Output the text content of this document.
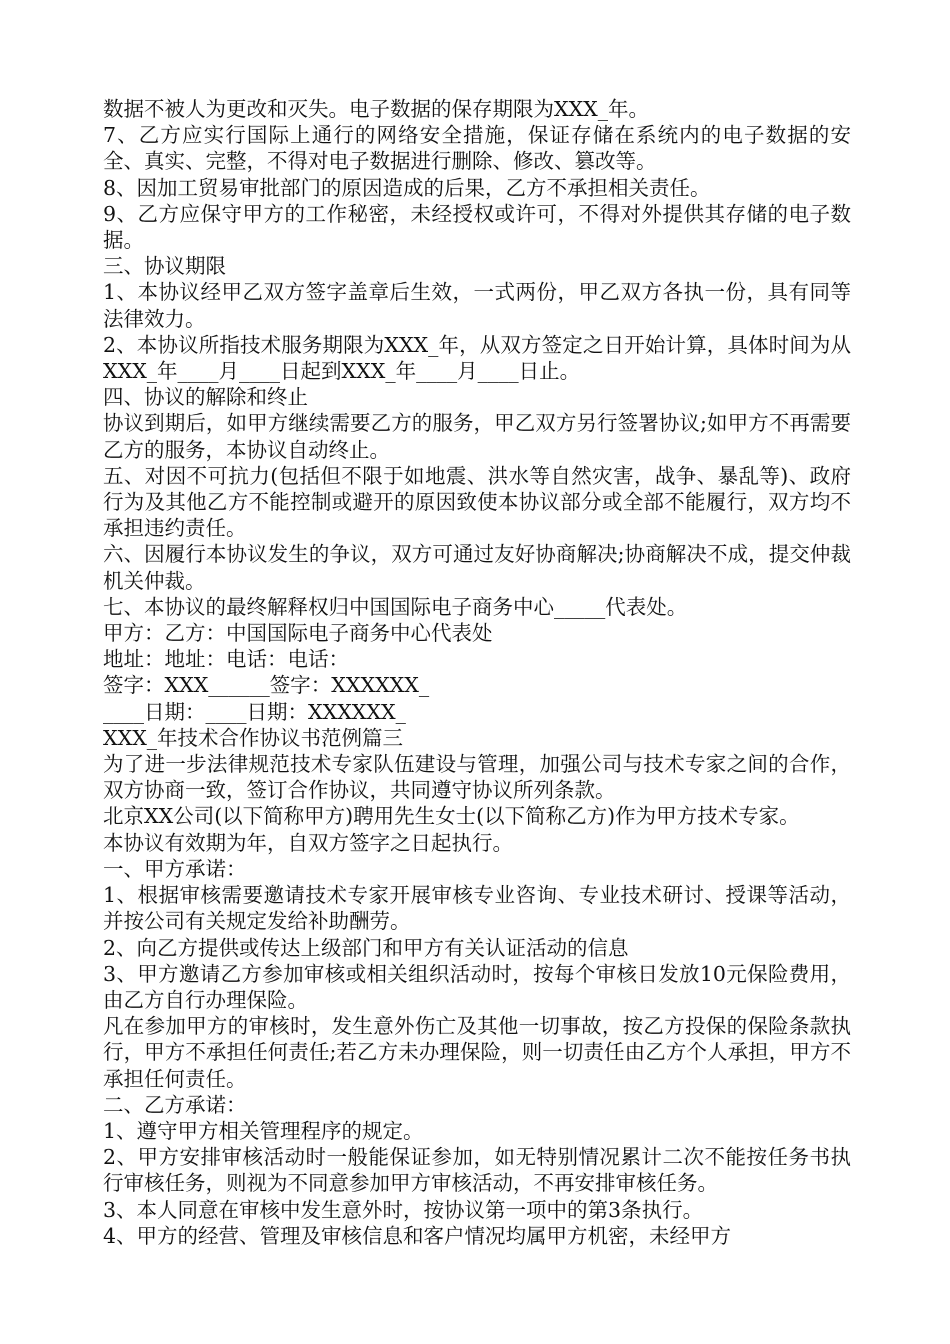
数据不被人为更改和灭失。电子数据的保存期限为XXX_年。

7、乙方应实行国际上通行的网络安全措施，保证存储在系统内的电子数据的安全、真实、完整，不得对电子数据进行删除、修改、篡改等。

8、因加工贸易审批部门的原因造成的后果，乙方不承担相关责任。

9、乙方应保守甲方的工作秘密，未经授权或许可，不得对外提供其存储的电子数据。

三、协议期限

1、本协议经甲乙双方签字盖章后生效，一式两份，甲乙双方各执一份，具有同等法律效力。

2、本协议所指技术服务期限为XXX_年，从双方签定之日开始计算，具体时间为从XXX_年____月____日起到XXX_年____月____日止。

四、协议的解除和终止

协议到期后，如甲方继续需要乙方的服务，甲乙双方另行签署协议;如甲方不再需要乙方的服务，本协议自动终止。

五、对因不可抗力(包括但不限于如地震、洪水等自然灾害，战争、暴乱等)、政府行为及其他乙方不能控制或避开的原因致使本协议部分或全部不能履行，双方均不承担违约责任。

六、因履行本协议发生的争议，双方可通过友好协商解决;协商解决不成，提交仲裁机关仲裁。

七、本协议的最终解释权归中国国际电子商务中心_____代表处。

甲方：乙方：中国国际电子商务中心代表处

地址：地址：电话：电话：

签字：XXX______签字：XXXXXX_

____日期：____日期：XXXXXX_

XXX_年技术合作协议书范例篇三

为了进一步法律规范技术专家队伍建设与管理，加强公司与技术专家之间的合作，双方协商一致，签订合作协议，共同遵守协议所列条款。

北京XX公司(以下简称甲方)聘用先生女士(以下简称乙方)作为甲方技术专家。

本协议有效期为年，自双方签字之日起执行。

一、甲方承诺：

1、根据审核需要邀请技术专家开展审核专业咨询、专业技术研讨、授课等活动，并按公司有关规定发给补助酬劳。

2、向乙方提供或传达上级部门和甲方有关认证活动的信息

3、甲方邀请乙方参加审核或相关组织活动时，按每个审核日发放10元保险费用，由乙方自行办理保险。

凡在参加甲方的审核时，发生意外伤亡及其他一切事故，按乙方投保的保险条款执行，甲方不承担任何责任;若乙方未办理保险，则一切责任由乙方个人承担，甲方不承担任何责任。

二、乙方承诺：

1、遵守甲方相关管理程序的规定。

2、甲方安排审核活动时一般能保证参加，如无特别情况累计二次不能按任务书执行审核任务，则视为不同意参加甲方审核活动，不再安排审核任务。

3、本人同意在审核中发生意外时，按协议第一项中的第3条执行。

4、甲方的经营、管理及审核信息和客户情况均属甲方机密，未经甲方
